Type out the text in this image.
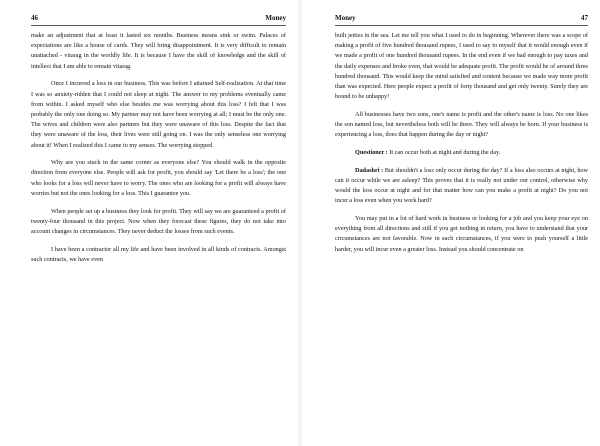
46	Money

make an adjustment that at least it lasted six months. Business means sink or swim. Palaces of expectations are like a house of cards. They will bring disappointment. It is very difficult to remain unattached - vitarag in the worldly life. It is because I have the skill of knowledge and the skill of intellect that I am able to remain vitarag.

Once I incurred a loss in our business. This was before I attained Self-realization. At that time I was so anxiety-ridden that I could not sleep at night. The answer to my problems eventually came from within. I asked myself who else besides me was worrying about this loss? I felt that I was probably the only one doing so. My partner may not have been worrying at all; I must be the only one. The wives and children were also partners but they were unaware of this loss. Despite the fact that they were unaware of the loss, their lives were still going on. I was the only senseless one worrying about it! When I realized this I came to my senses. The worrying stopped.

Why are you stuck in the same corner as everyone else? You should walk in the opposite direction from everyone else. People will ask for profit, you should say 'Let there be a loss'; the one who looks for a loss will never have to worry. The ones who are looking for a profit will always have worries but not the ones looking for a loss. This I guarantee you.

When people set up a business they look for profit. They will say we are guaranteed a profit of twenty-four thousand in this project. Now when they forecast these figures, they do not take into account changes in circumstances. They never deduct the losses from such events.

I have been a contractor all my life and have been involved in all kinds of contracts. Amongst such contracts, we have even

Money	47

built jetties in the sea. Let me tell you what I used to do in beginning. Wherever there was a scope of making a profit of five hundred thousand rupees, I used to say to myself that it would enough even if we made a profit of one hundred thousand rupees. In the end even if we had enough to pay taxes and the daily expenses and broke even, that would be adequate profit. The profit would be of around three hundred thousand. This would keep the mind satisfied and content because we made way more profit than was expected. Here people expect a profit of forty thousand and get only twenty. Surely they are bound to be unhappy!

All businesses have two sons, one's name is profit and the other's name is loss. No one likes the son named loss, but nevertheless both will be there. They will always be born. If your business is experiencing a loss, does that happen during the day or night?

Questioner : It can occur both at night and during the day.

Dadashri : But shouldn't a loss only occur during the day? If a loss also occurs at night, how can it occur while we are asleep? This proves that it is really not under our control, otherwise why would the loss occur at night and for that matter how can you make a profit at night? Do you not incur a loss even when you work hard?

You may put in a lot of hard work in business or looking for a job and you keep your eye on everything from all directions and still if you get nothing in return, you have to understand that your circumstances are not favorable. Now in such circumstances, if you were to push yourself a little harder, you will incur even a greater loss. Instead you should concentrate on
